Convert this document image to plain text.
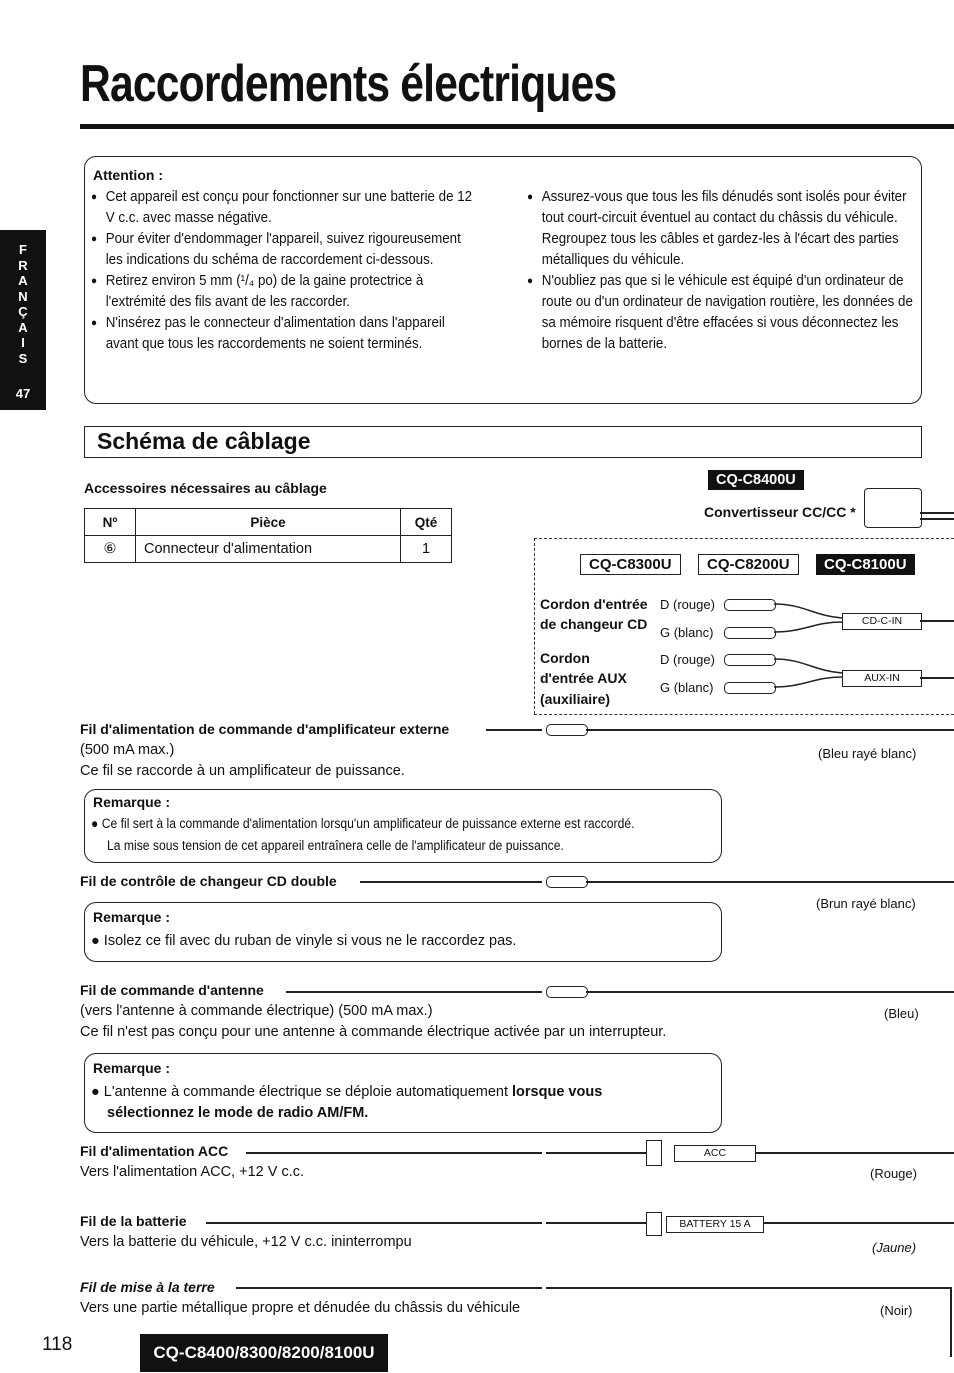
Raccordements électriques
F
R
A
N
Ç
A
I
S
47
Attention :
● Cet appareil est conçu pour fonctionner sur une batterie de 12 V c.c. avec masse négative.
● Pour éviter d'endommager l'appareil, suivez rigoureusement les indications du schéma de raccordement ci-dessous.
● Retirez environ 5 mm (¹/₄ po) de la gaine protectrice à l'extrémité des fils avant de les raccorder.
● N'insérez pas le connecteur d'alimentation dans l'appareil avant que tous les raccordements ne soient terminés.
● Assurez-vous que tous les fils dénudés sont isolés pour éviter tout court-circuit éventuel au contact du châssis du véhicule. Regroupez tous les câbles et gardez-les à l'écart des parties métalliques du véhicule.
● N'oubliez pas que si le véhicule est équipé d'un ordinateur de route ou d'un ordinateur de navigation routière, les données de sa mémoire risquent d'être effacées si vous déconnectez les bornes de la batterie.
Schéma de câblage
Accessoires nécessaires au câblage
Nº	Pièce	Qté
⑥	Connecteur d'alimentation	1
CQ-C8400U
Convertisseur CC/CC *
CQ-C8300U	CQ-C8200U	CQ-C8100U
Cordon d'entrée
de changeur CD
D (rouge)
G (blanc)
CD-C-IN
Cordon
d'entrée AUX
(auxiliaire)
D (rouge)
G (blanc)
AUX-IN
Fil d'alimentation de commande d'amplificateur externe
(500 mA max.)
Ce fil se raccorde à un amplificateur de puissance.
(Bleu rayé blanc)
Remarque :
● Ce fil sert à la commande d'alimentation lorsqu'un amplificateur de puissance externe est raccordé.
La mise sous tension de cet appareil entraînera celle de l'amplificateur de puissance.
Fil de contrôle de changeur CD double
(Brun rayé blanc)
Remarque :
● Isolez ce fil avec du ruban de vinyle si vous ne le raccordez pas.
Fil de commande d'antenne
(vers l'antenne à commande électrique) (500 mA max.)
Ce fil n'est pas conçu pour une antenne à commande électrique activée par un interrupteur.
(Bleu)
Remarque :
● L'antenne à commande électrique se déploie automatiquement lorsque vous
sélectionnez le mode de radio AM/FM.
Fil d'alimentation ACC	ACC
Vers l'alimentation ACC, +12 V c.c.	(Rouge)
Fil de la batterie	BATTERY 15 A
Vers la batterie du véhicule, +12 V c.c. ininterrompu	(Jaune)
Fil de mise à la terre
Vers une partie métallique propre et dénudée du châssis du véhicule	(Noir)
118	CQ-C8400/8300/8200/8100U
